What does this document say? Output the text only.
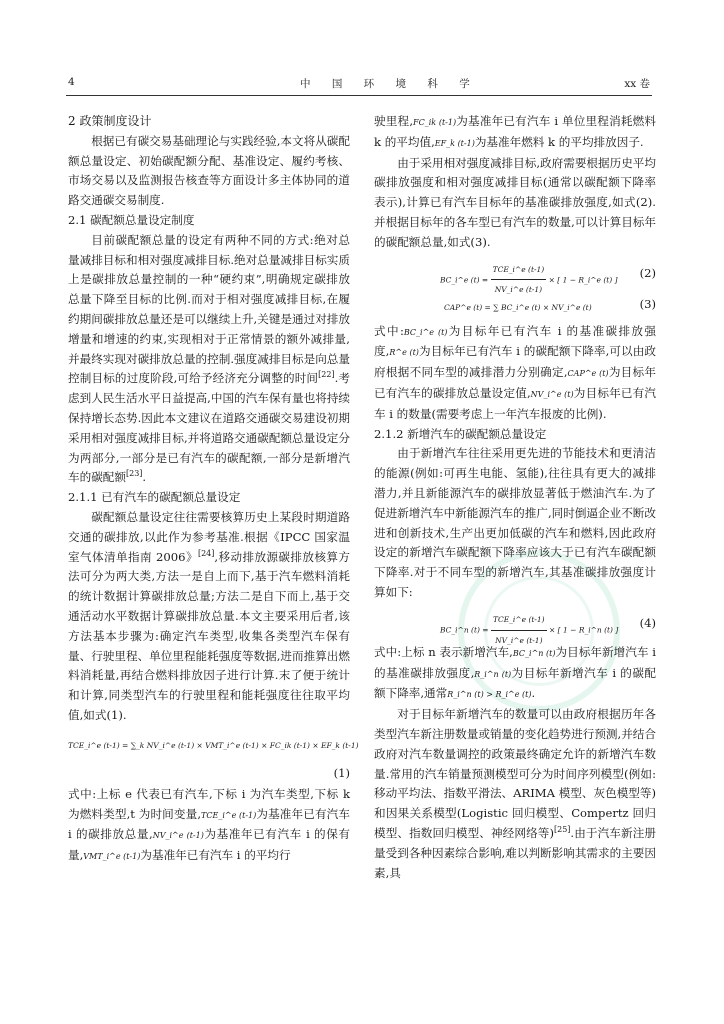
4	中 国 环 境 科 学	xx 卷

2 政策制度设计

根据已有碳交易基础理论与实践经验,本文将从碳配额总量设定、初始碳配额分配、基准设定、履约考核、市场交易以及监测报告核查等方面设计多主体协同的道路交通碳交易制度.

2.1 碳配额总量设定制度

目前碳配额总量的设定有两种不同的方式:绝对总量减排目标和相对强度减排目标.绝对总量减排目标实质上是碳排放总量控制的一种“硬约束”,明确规定碳排放总量下降至目标的比例.而对于相对强度减排目标,在履约期间碳排放总量还是可以继续上升,关键是通过对排放增量和增速的约束,实现相对于正常情景的额外减排量,并最终实现对碳排放总量的控制.强度减排目标是向总量控制目标的过度阶段,可给予经济充分调整的时间[22].考虑到人民生活水平日益提高,中国的汽车保有量也将持续保持增长态势.因此本文建议在道路交通碳交易建设初期采用相对强度减排目标,并将道路交通碳配额总量设定分为两部分,一部分是已有汽车的碳配额,一部分是新增汽车的碳配额[23].

2.1.1 已有汽车的碳配额总量设定

碳配额总量设定往往需要核算历史上某段时期道路交通的碳排放,以此作为参考基准.根据《IPCC 国家温室气体清单指南 2006》[24],移动排放源碳排放核算方法可分为两大类,方法一是自上而下,基于汽车燃料消耗的统计数据计算碳排放总量;方法二是自下而上,基于交通活动水平数据计算碳排放总量.本文主要采用后者,该方法基本步骤为:确定汽车类型,收集各类型汽车保有量、行驶里程、单位里程能耗强度等数据,进而推算出燃料消耗量,再结合燃料排放因子进行计算.末了便于统计和计算,同类型汽车的行驶里程和能耗强度往往取平均值,如式(1).

TCE_i^e (t-1) = ∑_k NV_i^e (t-1) × VMT_i^e (t-1) × FC_ik (t-1) × EF_k (t-1)
(1)

式中:上标 e 代表已有汽车,下标 i 为汽车类型,下标 k 为燃料类型,t 为时间变量,TCE_i^e (t-1)为基准年已有汽车 i 的碳排放总量,NV_i^e (t-1)为基准年已有汽车 i 的保有量,VMT_i^e (t-1)为基准年已有汽车 i 的平均行

驶里程,FC_ik (t-1)为基准年已有汽车 i 单位里程消耗燃料 k 的平均值,EF_k (t-1)为基准年燃料 k 的平均排放因子.

由于采用相对强度减排目标,政府需要根据历史平均碳排放强度和相对强度减排目标(通常以碳配额下降率表示),计算已有汽车目标年的基准碳排放强度,如式(2).并根据目标年的各车型已有汽车的数量,可以计算目标年的碳配额总量,如式(3).

BC_i^e $(t) = \frac{\text{TCE\_i\textasciicircum{}e (t-1)}}{NV\_i\^{}e (t-1)}$ × [ 1 − R_i^e (t) ] (2)
CAP^e (t) = ∑ BC_i^e (t) × NV_i^e (t)	(3)

式中:BC_i^e (t)为目标年已有汽车 i 的基准碳排放强度,R^e (t)为目标年已有汽车 i 的碳配额下降率,可以由政府根据不同车型的减排潜力分别确定,CAP^e (t)为目标年已有汽车的碳排放总量设定值,NV_i^e (t)为目标年已有汽车 i 的数量(需要考虑上一年汽车报废的比例).

2.1.2 新增汽车的碳配额总量设定

由于新增汽车往往采用更先进的节能技术和更清洁的能源(例如:可再生电能、氢能),往往具有更大的减排潜力,并且新能源汽车的碳排放显著低于燃油汽车.为了促进新增汽车中新能源汽车的推广,同时倒逼企业不断改进和创新技术,生产出更加低碳的汽车和燃料,因此政府设定的新增汽车碳配额下降率应该大于已有汽车碳配额下降率.对于不同车型的新增汽车,其基准碳排放强度计算如下:

BC_i^n $(t) = \frac{\text{TCE\_i\textasciicircum{}e (t-1)}}{NV\_i\^{}e (t-1)}$ × [ 1 − R_i^n (t) ] (4)

式中:上标 n 表示新增汽车,BC_i^n (t)为目标年新增汽车 i 的基准碳排放强度,R_i^n (t)为目标年新增汽车 i 的碳配额下降率,通常R_i^n (t) > R_i^e (t).

对于目标年新增汽车的数量可以由政府根据历年各类型汽车新注册数量或销量的变化趋势进行预测,并结合政府对汽车数量调控的政策最终确定允许的新增汽车数量.常用的汽车销量预测模型可分为时间序列模型(例如:移动平均法、指数平滑法、ARIMA 模型、灰色模型等)和因果关系模型(Logistic 回归模型、Compertz 回归模型、指数回归模型、神经网络等)[25].由于汽车新注册量受到各种因素综合影响,难以判断影响其需求的主要因素,具
